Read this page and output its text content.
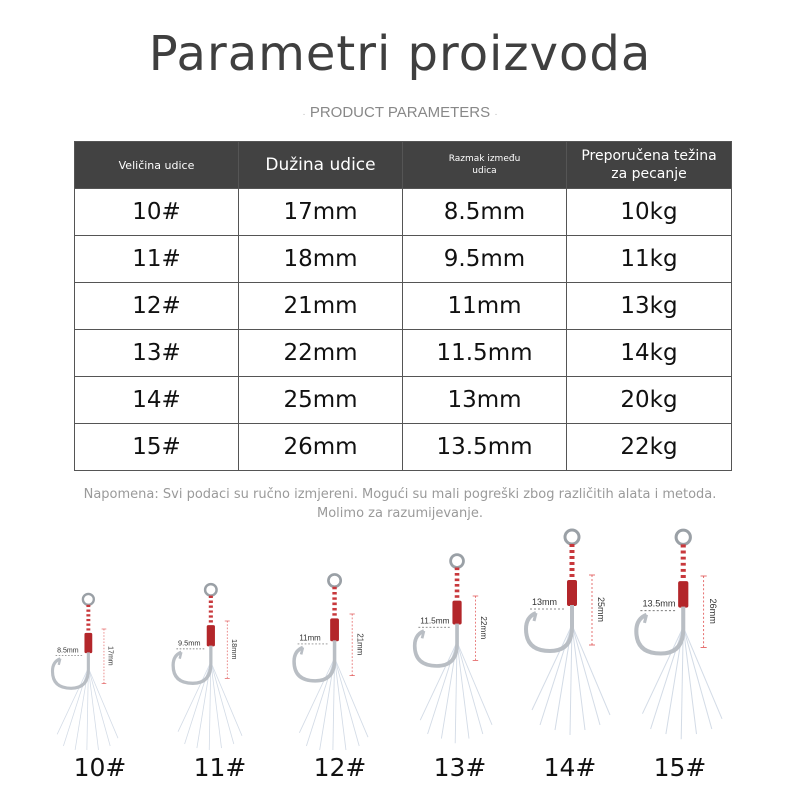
Parametri proizvoda
· PRODUCT PARAMETERS ·
Veličina udice	Dužina udice	Razmak između udica	Preporučena težina za pecanje

10#	17mm	8.5mm	10kg
11#	18mm	9.5mm	11kg
12#	21mm	11mm	13kg
13#	22mm	11.5mm	14kg
14#	25mm	13mm	20kg
15#	26mm	13.5mm	22kg
Napomena: Svi podaci su ručno izmjereni. Mogući su mali pogreški zbog različitih alata i metoda.
Molimo za razumijevanje.
8.5mm	17mm
10#
9.5mm	18mm
11#
11mm	21mm
12#
11.5mm	22mm
13#
13mm	25mm
14#
13.5mm	26mm
15#
